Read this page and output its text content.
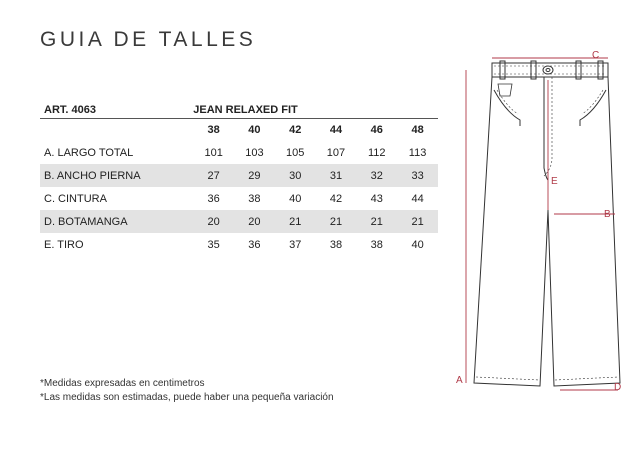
GUIA DE TALLES
ART. 4063	JEAN RELAXED FIT					
	38	40	42	44	46	48
A. LARGO TOTAL	101	103	105	107	112	113
B. ANCHO PIERNA	27	29	30	31	32	33
C. CINTURA	36	38	40	42	43	44
D. BOTAMANGA	20	20	21	21	21	21
E. TIRO	35	36	37	38	38	40
*Medidas expresadas en centimetros
*Las medidas son estimadas, puede haber una pequeña variación
C
A
E
B
D
